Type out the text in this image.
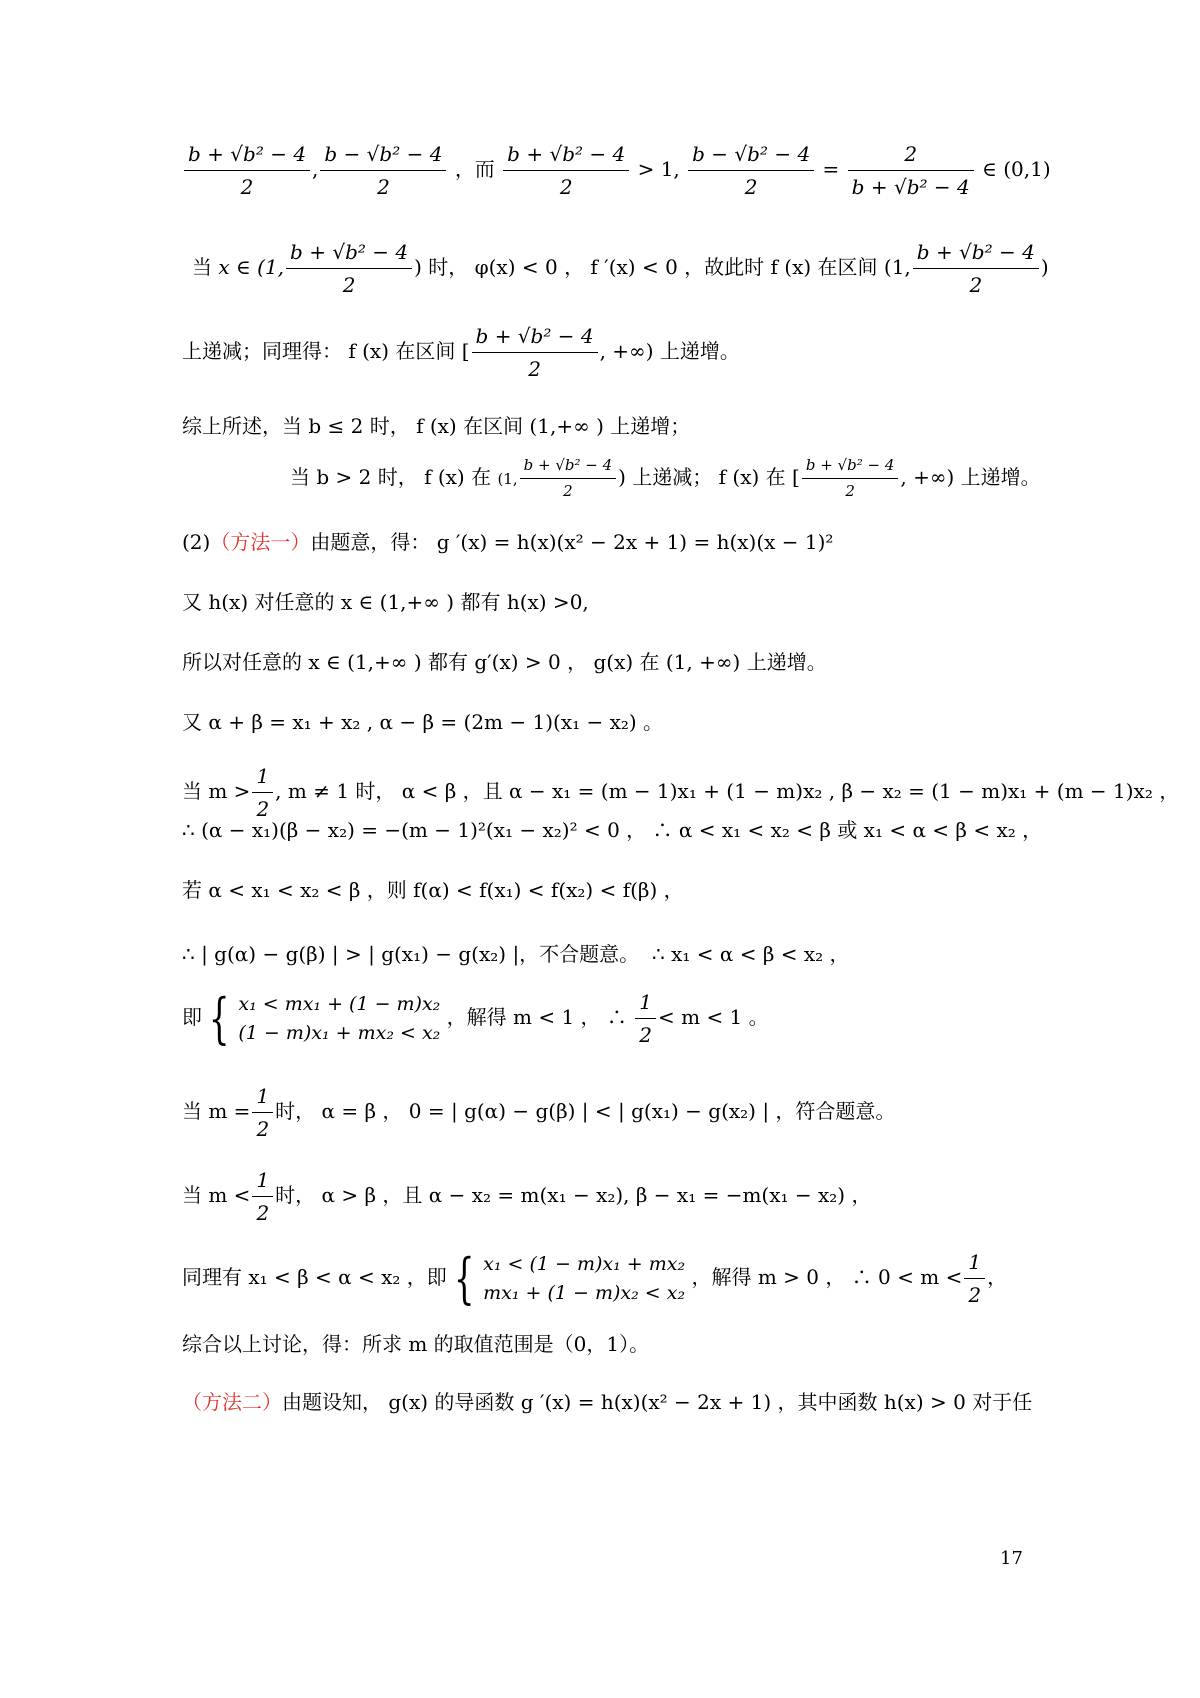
$\frac{\text{b + √b² − 4}}{2}$ , $\frac{\text{b − √b² − 4}}{2}$ ，而 $\frac{\text{b + √b² − 4}}{2} > 1$, $\frac{\text{b − √b² − 4}}{2} = \frac{2}{\text{b + √b² − 4}}$ ∈ (0,1)
当 x ∈ (1, $\frac{\text{b + √b² − 4}}{2}$ ) 时， φ(x) < 0 ， f ′(x) < 0 ，故此时 f (x) 在区间 (1, $\frac{\text{b + √b² − 4}}{2}$ )
上递减；同理得： f (x) 在区间 [ $\frac{\text{b + √b² − 4}}{2}$ , +∞) 上递增。
综上所述，当 b ≤ 2 时， f (x) 在区间 (1,+∞ ) 上递增；
当 b > 2 时， f (x) 在 (1, $\frac{\text{b + √b² − 4}}{2}$ ) 上递减； f (x) 在 [ $\frac{\text{b + √b² − 4}}{2}$ , +∞) 上递增。
(2)（方法一）由题意，得： g ′(x) = h(x)(x² − 2x + 1) = h(x)(x − 1)²
又 h(x) 对任意的 x ∈ (1,+∞ ) 都有 h(x) >0,
所以对任意的 x ∈ (1,+∞ ) 都有 g′(x) > 0 ， g(x) 在 (1, +∞) 上递增。
又 α + β = x₁ + x₂ , α − β = (2m − 1)(x₁ − x₂) 。
当 $m > \frac{1}{2}$ , m ≠ 1 时， α < β ，且 α − x₁ = (m − 1)x₁ + (1 − m)x₂ , β − x₂ = (1 − m)x₁ + (m − 1)x₂ ，
∴ (α − x₁)(β − x₂) = −(m − 1)²(x₁ − x₂)² < 0 ， ∴ α < x₁ < x₂ < β 或 x₁ < α < β < x₂ ，
若 α < x₁ < x₂ < β ，则 f(α) < f(x₁) < f(x₂) < f(β) ，
∴ | g(α) − g(β) | > | g(x₁) − g(x₂) |，不合题意。 ∴ x₁ < α < β < x₂ ，
即 { x₁ < mx₁ + (1 − m)x₂
(1 − m)x₁ + mx₂ < x₂
，解得 m < 1 ， ∴ $\frac{1}{2} < m < 1$ 。
当 $m = \frac{1}{2}$ 时， α = β ， 0 = | g(α) − g(β) | < | g(x₁) − g(x₂) | ，符合题意。
当 $m < \frac{1}{2}$ 时， α > β ，且 α − x₂ = m(x₁ − x₂), β − x₁ = −m(x₁ − x₂) ，
同理有 x₁ < β < α < x₂ ，即 { x₁ < (1 − m)x₁ + mx₂
mx₁ + (1 − m)x₂ < x₂
，解得 m > 0 ， ∴ $0 < m < \frac{1}{2}$ ，
综合以上讨论，得：所求 m 的取值范围是（0，1）。
（方法二）由题设知， g(x) 的导函数 g ′(x) = h(x)(x² − 2x + 1) ，其中函数 h(x) > 0 对于任
17
